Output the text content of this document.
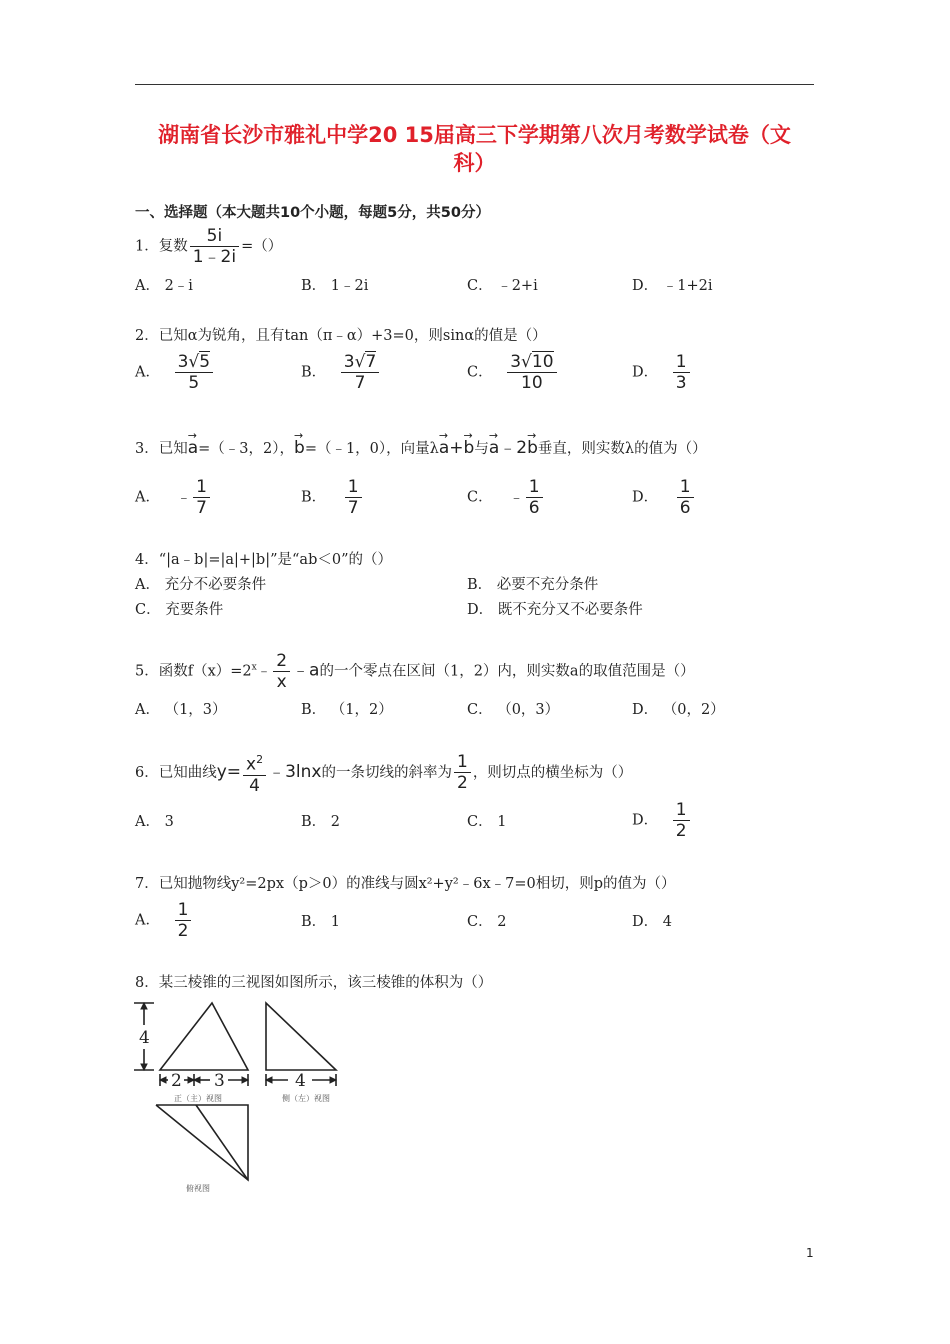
湖南省长沙市雅礼中学20 15届高三下学期第八次月考数学试卷（文
科）
一、选择题（本大题共10个小题，每题5分，共50分）
1．复数 $\frac{5i}{1﹣2i}$ =（）
A． 2﹣i	B． 1﹣2i	C． ﹣2+i	D． ﹣1+2i
2．已知α为锐角，且有tan（π﹣α）+3=0，则sinα的值是（）
A． $\frac{3√5}{5}$	B． $\frac{3√7}{7}$	C． $\frac{3√10}{10}$	D． $\frac{1}{3}$
3．已知→ a=（﹣3，2），→ b=（﹣1，0），向量λ→ a+→ b与→ a﹣2→ b垂直，则实数λ的值为（）
A． ﹣ $\frac{1}{7}$	B． $\frac{1}{7}$	C． ﹣ $\frac{1}{6}$	D． $\frac{1}{6}$
4．“|a﹣b|=|a|+|b|”是“ab＜0”的（）
A． 充分不必要条件	B． 必要不充分条件
C． 充要条件	D． 既不充分又不必要条件
5．函数$f(x)=2^x﹣ \frac{2}{x}$ ﹣a的一个零点在区间（1，2）内，则实数a的取值范围是（）
A． （1，3）	B． （1，2）	C． （0，3）	D． （0，2）
6．已知曲线$y= \frac{x^2}{4}$ ﹣3lnx的一条切线的斜率为 $\frac{1}{2}$ ，则切点的横坐标为（）
A． 3	B． 2	C． 1	D． $\frac{1}{2}$
7．已知抛物线y²=2px（p＞0）的准线与圆x²+y²﹣6x﹣7=0相切，则p的值为（）
A． $\frac{1}{2}$	B． 1	C． 2	D． 4
8．某三棱锥的三视图如图所示，该三棱锥的体积为（）
4
2 3	4
正（主）视图	侧（左）视图
俯视图
1
